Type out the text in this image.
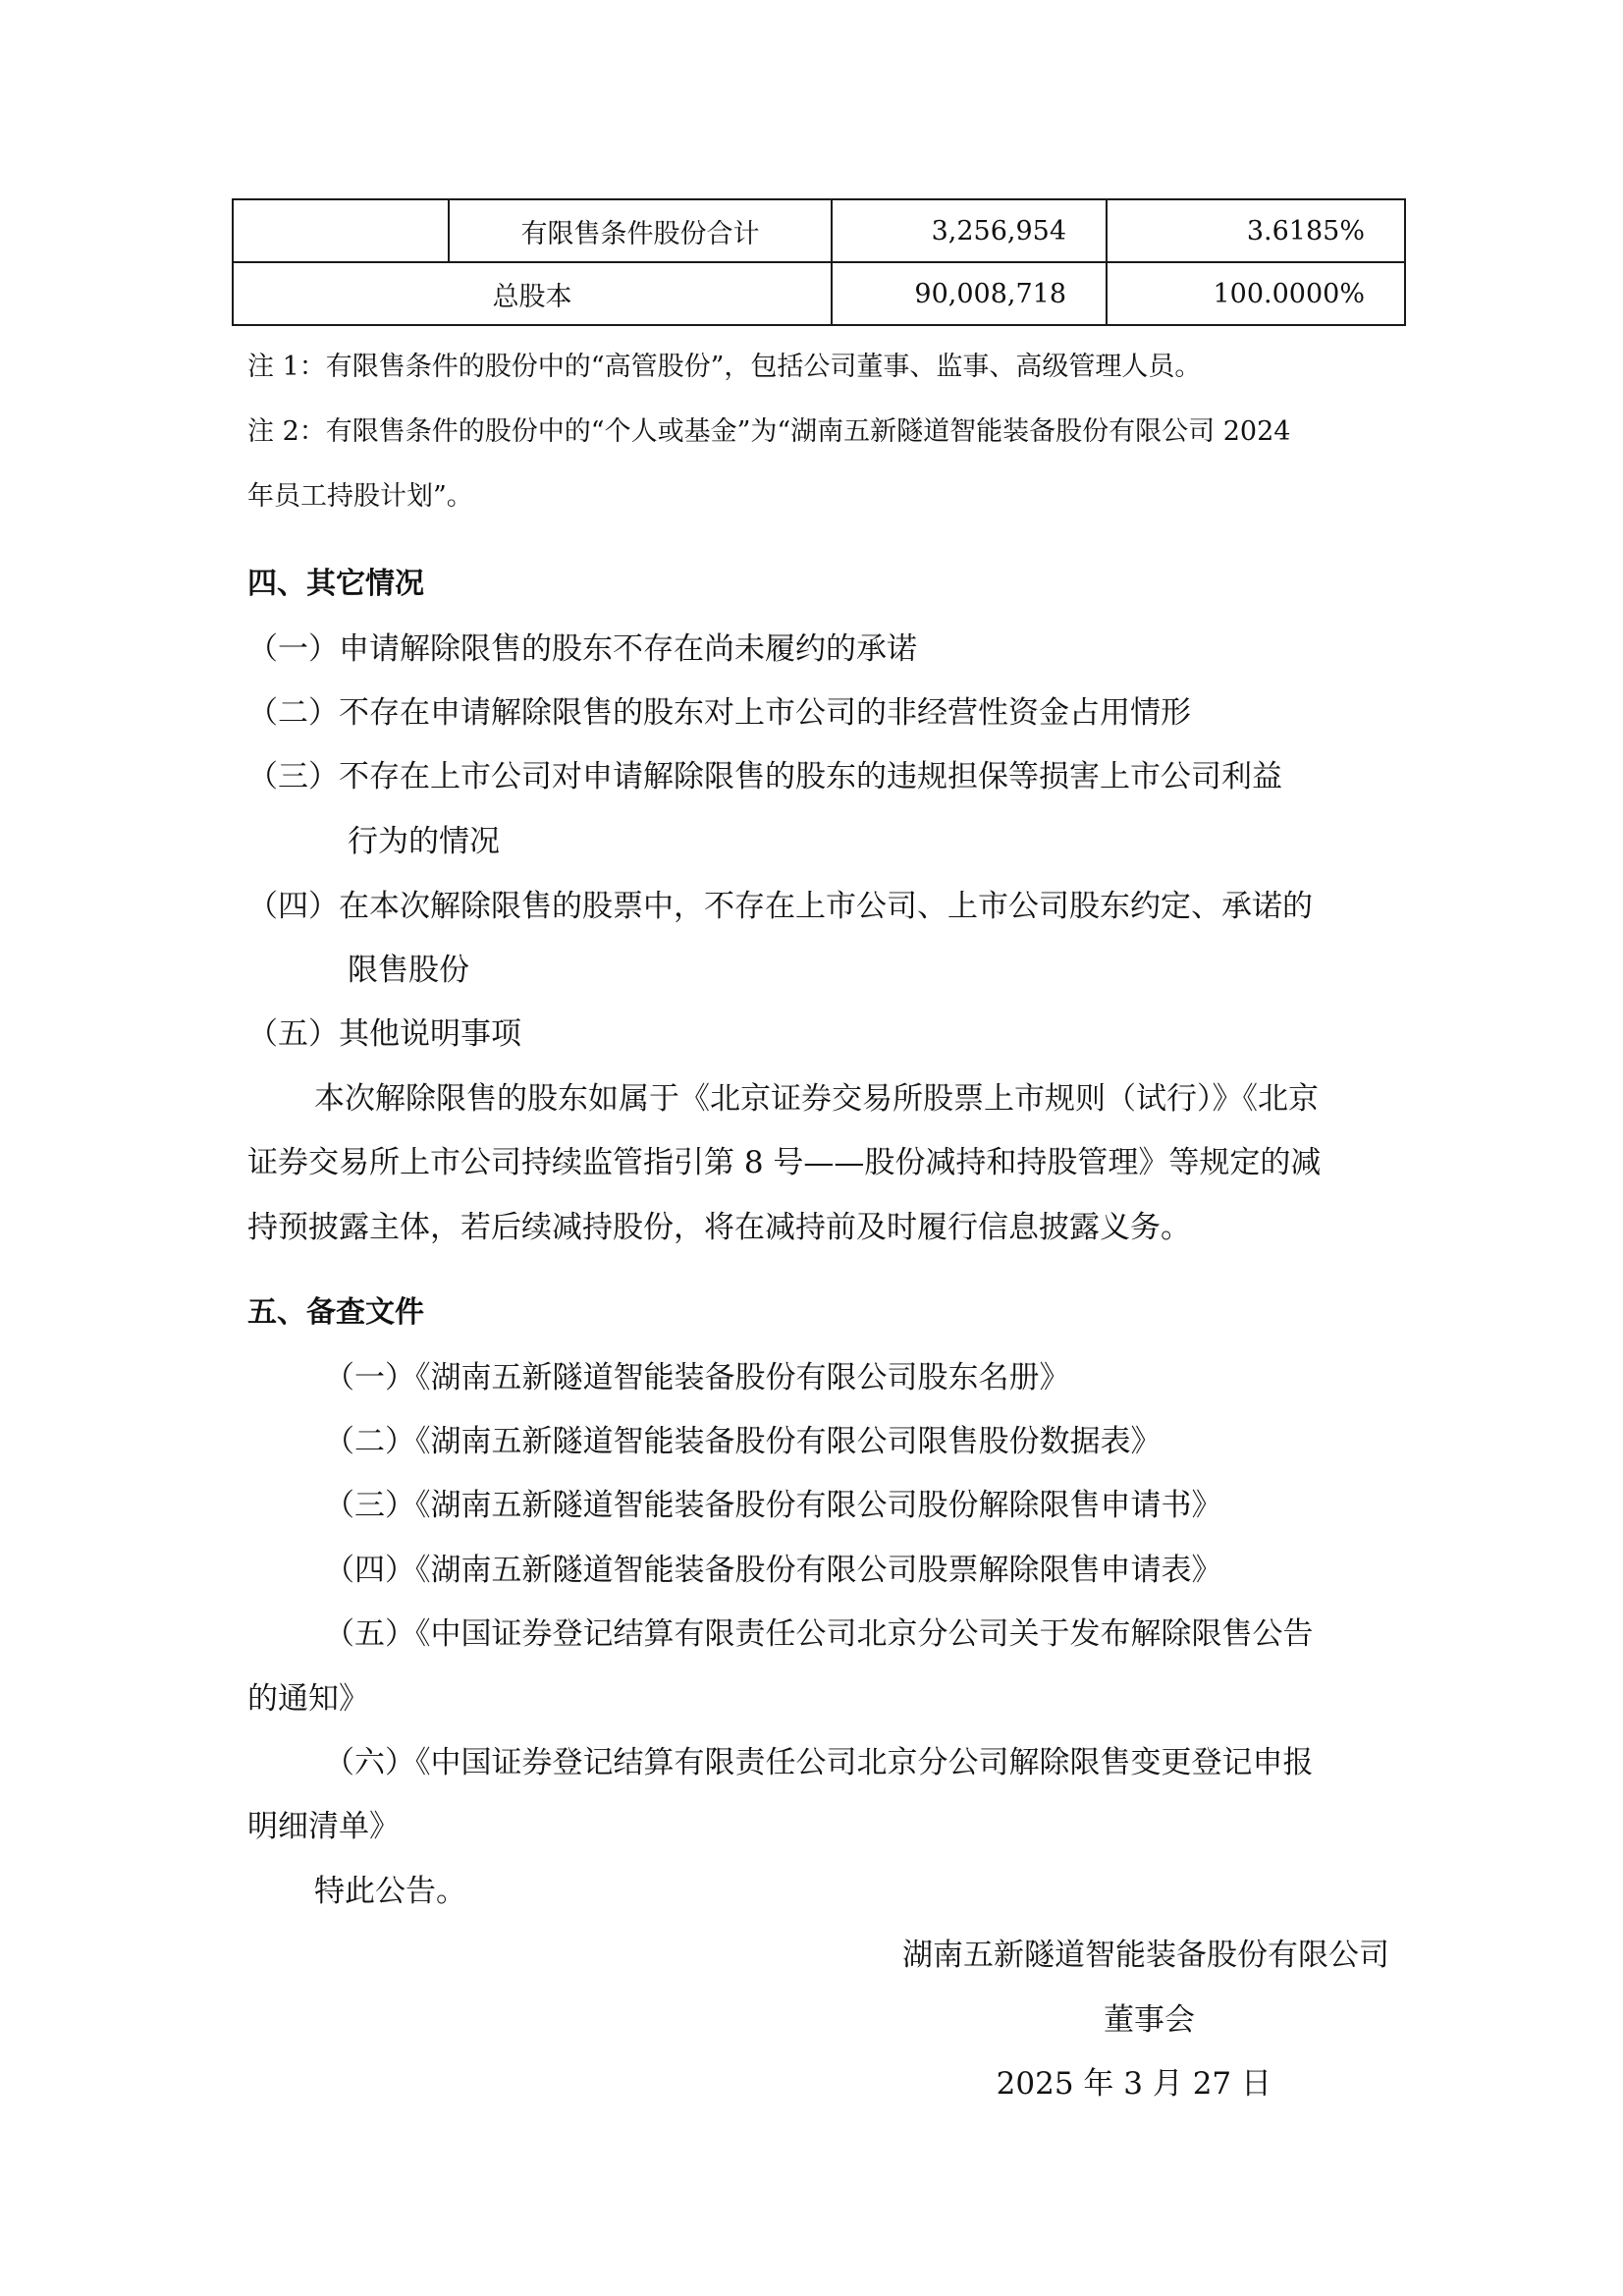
	有限售条件股份合计	3,256,954	3.6185%
总股本		90,008,718	100.0000%
注 1：有限售条件的股份中的“高管股份”，包括公司董事、监事、高级管理人员。
注 2：有限售条件的股份中的“个人或基金”为“湖南五新隧道智能装备股份有限公司 2024
年员工持股计划”。
四、其它情况
（一）申请解除限售的股东不存在尚未履约的承诺
（二）不存在申请解除限售的股东对上市公司的非经营性资金占用情形
（三）不存在上市公司对申请解除限售的股东的违规担保等损害上市公司利益
行为的情况
（四）在本次解除限售的股票中，不存在上市公司、上市公司股东约定、承诺的
限售股份
（五）其他说明事项
本次解除限售的股东如属于《北京证券交易所股票上市规则（试行）》《北京
证券交易所上市公司持续监管指引第 8 号——股份减持和持股管理》等规定的减
持预披露主体，若后续减持股份，将在减持前及时履行信息披露义务。
五、备查文件
（一）《湖南五新隧道智能装备股份有限公司股东名册》
（二）《湖南五新隧道智能装备股份有限公司限售股份数据表》
（三）《湖南五新隧道智能装备股份有限公司股份解除限售申请书》
（四）《湖南五新隧道智能装备股份有限公司股票解除限售申请表》
（五）《中国证券登记结算有限责任公司北京分公司关于发布解除限售公告
的通知》
（六）《中国证券登记结算有限责任公司北京分公司解除限售变更登记申报
明细清单》
特此公告。
湖南五新隧道智能装备股份有限公司
董事会
2025 年 3 月 27 日
